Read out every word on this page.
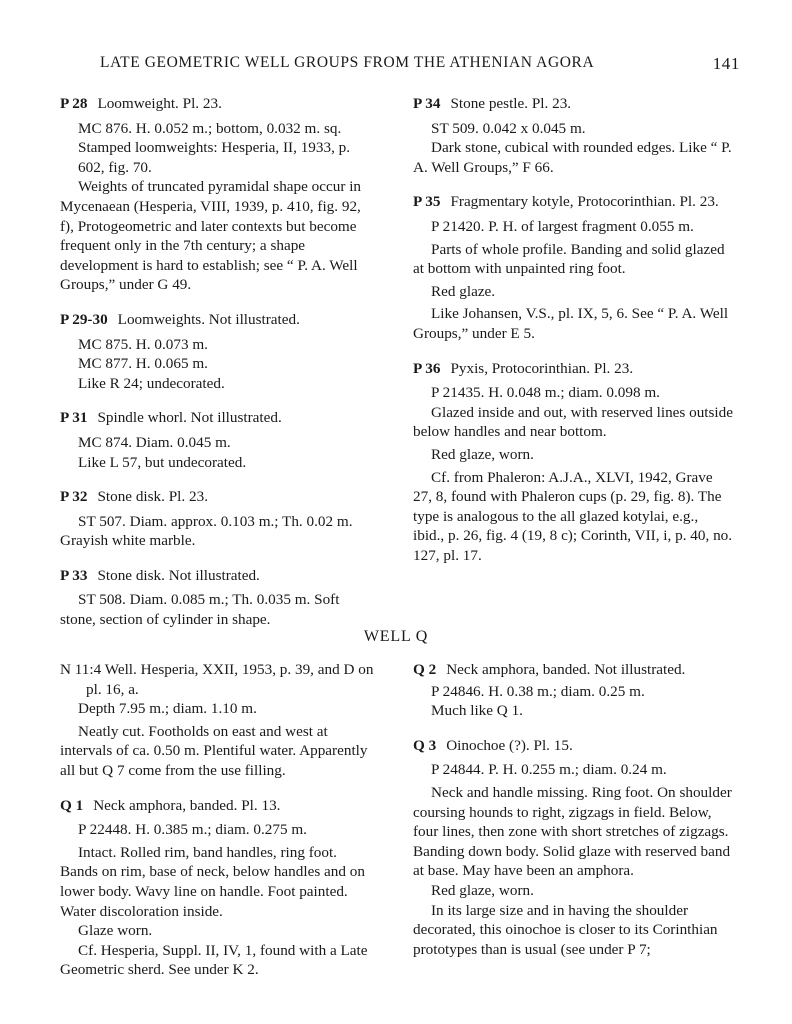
LATE GEOMETRIC WELL GROUPS FROM THE ATHENIAN AGORA	141
P 28 Loomweight. Pl. 23.
MC 876. H. 0.052 m.; bottom, 0.032 m. sq.
Stamped loomweights: Hesperia, II, 1933, p. 602, fig. 70.

Weights of truncated pyramidal shape occur in Mycenaean (Hesperia, VIII, 1939, p. 410, fig. 92, f), Protogeometric and later contexts but become frequent only in the 7th century; a shape development is hard to establish; see “ P. A. Well Groups,” under G 49.

P 29-30 Loomweights. Not illustrated.
MC 875. H. 0.073 m.
MC 877. H. 0.065 m.
Like R 24; undecorated.
P 31 Spindle whorl. Not illustrated.
MC 874. Diam. 0.045 m.
Like L 57, but undecorated.
P 32 Stone disk. Pl. 23.
ST 507. Diam. approx. 0.103 m.; Th. 0.02 m.
Grayish white marble.
P 33 Stone disk. Not illustrated.

ST 508. Diam. 0.085 m.; Th. 0.035 m. Soft stone, section of cylinder in shape.

P 34 Stone pestle. Pl. 23.
ST 509. 0.042 x 0.045 m.

Dark stone, cubical with rounded edges. Like “ P. A. Well Groups,” F 66.

P 35 Fragmentary kotyle, Protocorinthian. Pl. 23.
P 21420. P. H. of largest fragment 0.055 m.

Parts of whole profile. Banding and solid glazed at bottom with unpainted ring foot.

Red glaze.

Like Johansen, V.S., pl. IX, 5, 6. See “ P. A. Well Groups,” under E 5.

P 36 Pyxis, Protocorinthian. Pl. 23.
P 21435. H. 0.048 m.; diam. 0.098 m.

Glazed inside and out, with reserved lines outside below handles and near bottom.

Red glaze, worn.

Cf. from Phaleron: A.J.A., XLVI, 1942, Grave 27, 8, found with Phaleron cups (p. 29, fig. 8). The type is analogous to the all glazed kotylai, e.g., ibid., p. 26, fig. 4 (19, 8 c); Corinth, VII, i, p. 40, no. 127, pl. 17.

WELL Q
N 11:4 Well. Hesperia, XXII, 1953, p. 39, and D on pl. 16, a.
Depth 7.95 m.; diam. 1.10 m.

Neatly cut. Footholds on east and west at intervals of ca. 0.50 m. Plentiful water. Apparently all but Q 7 come from the use filling.

Q 1 Neck amphora, banded. Pl. 13.
P 22448. H. 0.385 m.; diam. 0.275 m.

Intact. Rolled rim, band handles, ring foot. Bands on rim, base of neck, below handles and on lower body. Wavy line on handle. Foot painted. Water discoloration inside.

Glaze worn.

Cf. Hesperia, Suppl. II, IV, 1, found with a Late Geometric sherd. See under K 2.

Q 2 Neck amphora, banded. Not illustrated.
P 24846. H. 0.38 m.; diam. 0.25 m.
Much like Q 1.
Q 3 Oinochoe (?). Pl. 15.
P 24844. P. H. 0.255 m.; diam. 0.24 m.

Neck and handle missing. Ring foot. On shoulder coursing hounds to right, zigzags in field. Below, four lines, then zone with short stretches of zigzags. Banding down body. Solid glaze with reserved band at base. May have been an amphora.

Red glaze, worn.

In its large size and in having the shoulder decorated, this oinochoe is closer to its Corinthian prototypes than is usual (see under P 7;
